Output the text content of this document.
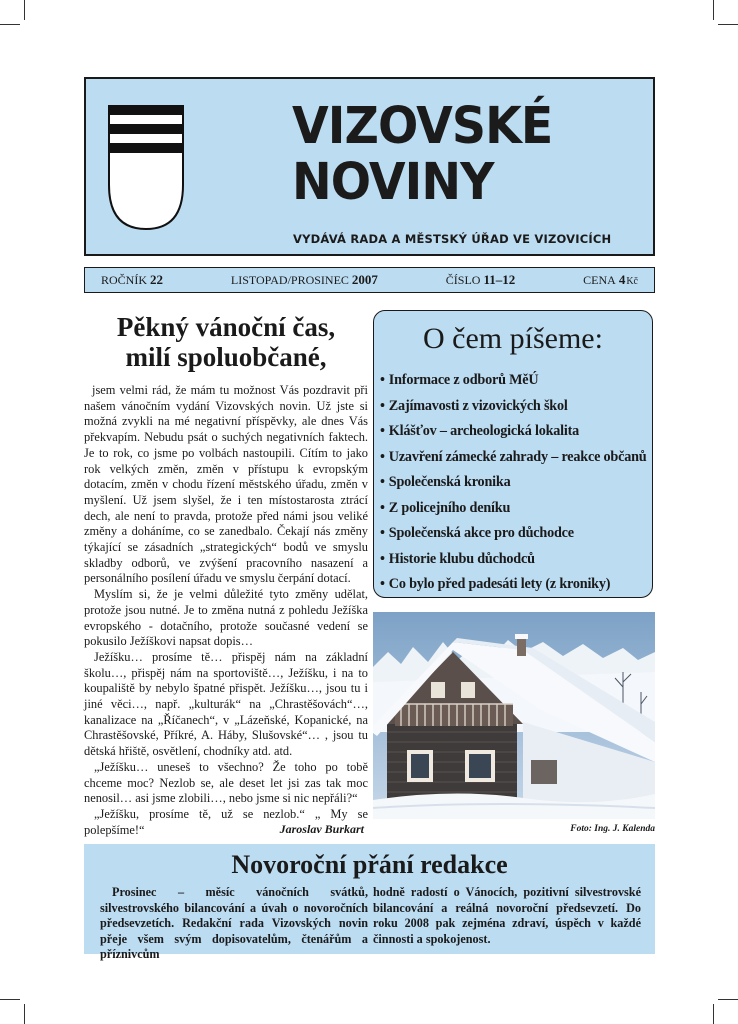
VIZOVSKÉ
NOVINY
VYDÁVÁ RADA A MĚSTSKÝ ÚŘAD VE VIZOVICÍCH
ROČNÍK 22	LISTOPAD/PROSINEC 2007	ČÍSLO 11–12	CENA 4Kč
Pěkný vánoční čas,
milí spoluobčané,

jsem velmi rád, že mám tu možnost Vás pozdravit při našem vánočním vydání Vizovských novin. Už jste si možná zvykli na mé negativní příspěvky, ale dnes Vás překvapím. Nebudu psát o suchých negativních faktech. Je to rok, co jsme po volbách nastoupili. Cítím to jako rok velkých změn, změn v přístupu k evropským dotacím, změn v chodu řízení městského úřadu, změn v myšlení. Už jsem slyšel, že i ten místostarosta ztrácí dech, ale není to pravda, protože před námi jsou veliké změny a doháníme, co se zanedbalo. Čekají nás změny týkající se zásadních „strategických“ bodů ve smyslu skladby odborů, ve zvýšení pracovního nasazení a personálního posílení úřadu ve smyslu čerpání dotací.

Myslím si, že je velmi důležité tyto změny udělat, protože jsou nutné. Je to změna nutná z pohledu Ježíška evropského - dotačního, protože současné vedení se pokusilo Ježíškovi napsat dopis…

Ježíšku… prosíme tě… přispěj nám na základní školu…, přispěj nám na sportoviště…, Ježíšku, i na to koupaliště by nebylo špatné přispět. Ježíšku…, jsou tu i jiné věci…, např. „kulturák“ na „Chrastěšovách“…, kanalizace na „Říčanech“, v „Lázeňské, Kopanické, na Chrastěšovské, Příkré, A. Háby, Slušovské“… , jsou tu dětská hřiště, osvětlení, chodníky atd. atd.

„Ježíšku… uneseš to všechno? Že toho po tobě chceme moc? Nezlob se, ale deset let jsi zas tak moc nenosil… asi jsme zlobili…, nebo jsme si nic nepřáli?“

„Ježíšku, prosíme tě, už se nezlob.“ „ My se polepšíme!“	Jaroslav Burkart
O čem píšeme:
• Informace z odborů MěÚ
• Zajímavosti z vizovických škol
• Klášťov – archeologická lokalita
• Uzavření zámecké zahrady – reakce občanů
• Společenská kronika
• Z policejního deníku
• Společenská akce pro důchodce
• Historie klubu důchodců
• Co bylo před padesáti lety (z kroniky)
Foto: Ing. J. Kalenda
Novoroční přání redakce
Prosinec – měsíc vánočních svátků, silvestrovského bilancování a úvah o novoročních předsevzetích. Redakční rada Vizovských novin přeje všem svým dopisovatelům, čtenářům a příznivcům
hodně radostí o Vánocích, pozitivní silvestrovské bilancování a reálná novoroční předsevzetí. Do roku 2008 pak zejména zdraví, úspěch v každé činnosti a spokojenost.
